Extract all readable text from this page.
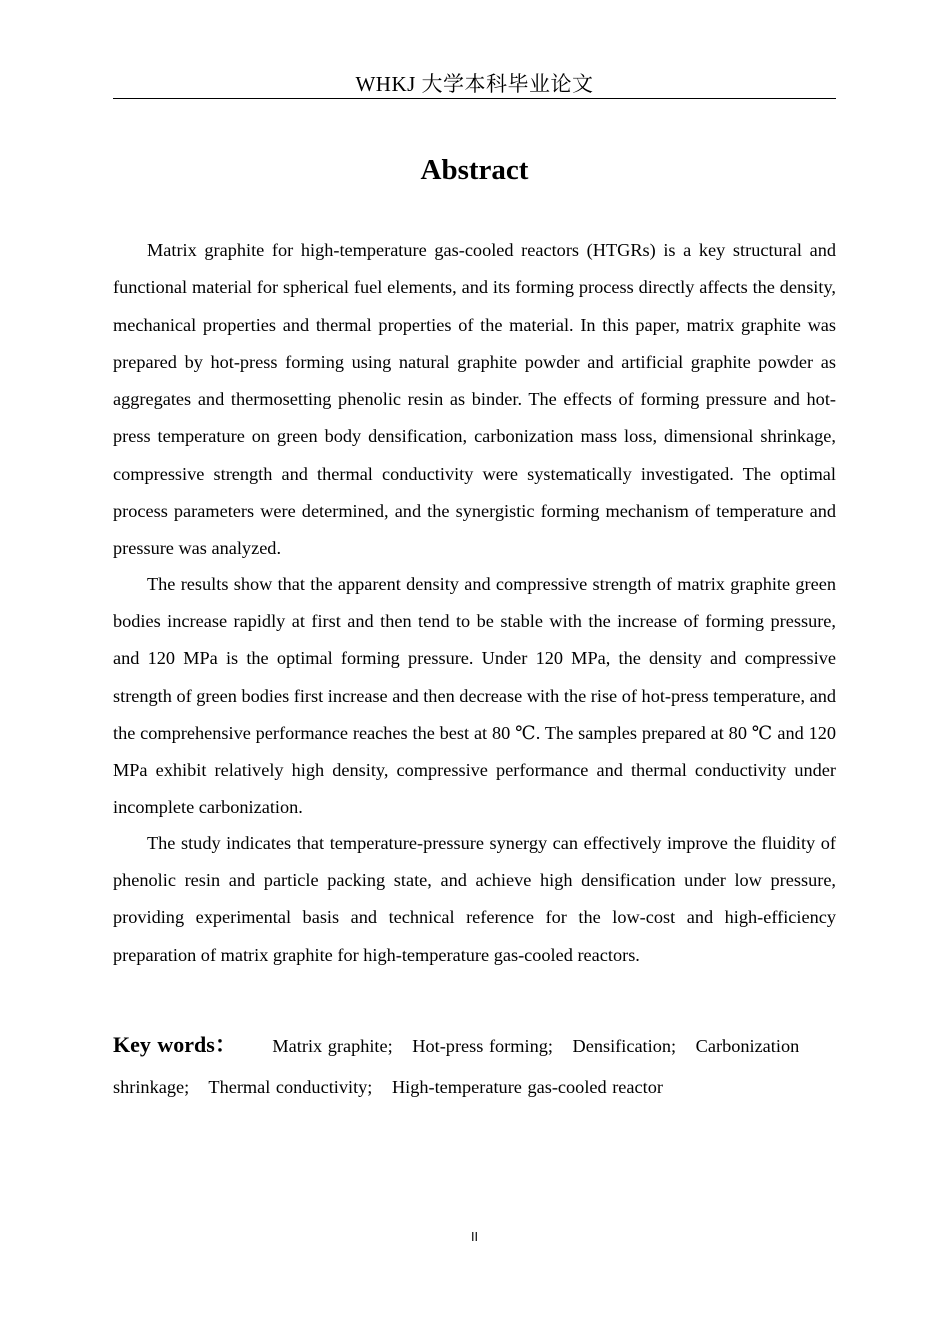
WHKJ 大学本科毕业论文
Abstract

Matrix graphite for high-temperature gas-cooled reactors (HTGRs) is a key structural and functional material for spherical fuel elements, and its forming process directly affects the density, mechanical properties and thermal properties of the material. In this paper, matrix graphite was prepared by hot-press forming using natural graphite powder and artificial graphite powder as aggregates and thermosetting phenolic resin as binder. The effects of forming pressure and hot-press temperature on green body densification, carbonization mass loss, dimensional shrinkage, compressive strength and thermal conductivity were systematically investigated. The optimal process parameters were determined, and the synergistic forming mechanism of temperature and pressure was analyzed.

The results show that the apparent density and compressive strength of matrix graphite green bodies increase rapidly at first and then tend to be stable with the increase of forming pressure, and 120 MPa is the optimal forming pressure. Under 120 MPa, the density and compressive strength of green bodies first increase and then decrease with the rise of hot-press temperature, and the comprehensive performance reaches the best at 80 ℃. The samples prepared at 80 ℃ and 120 MPa exhibit relatively high density, compressive performance and thermal conductivity under incomplete carbonization.

The study indicates that temperature-pressure synergy can effectively improve the fluidity of phenolic resin and particle packing state, and achieve high densification under low pressure, providing experimental basis and technical reference for the low-cost and high-efficiency preparation of matrix graphite for high-temperature gas-cooled reactors.

Key words： Matrix graphite; Hot-press forming; Densification; Carbonization shrinkage; Thermal conductivity; High-temperature gas-cooled reactor
II
